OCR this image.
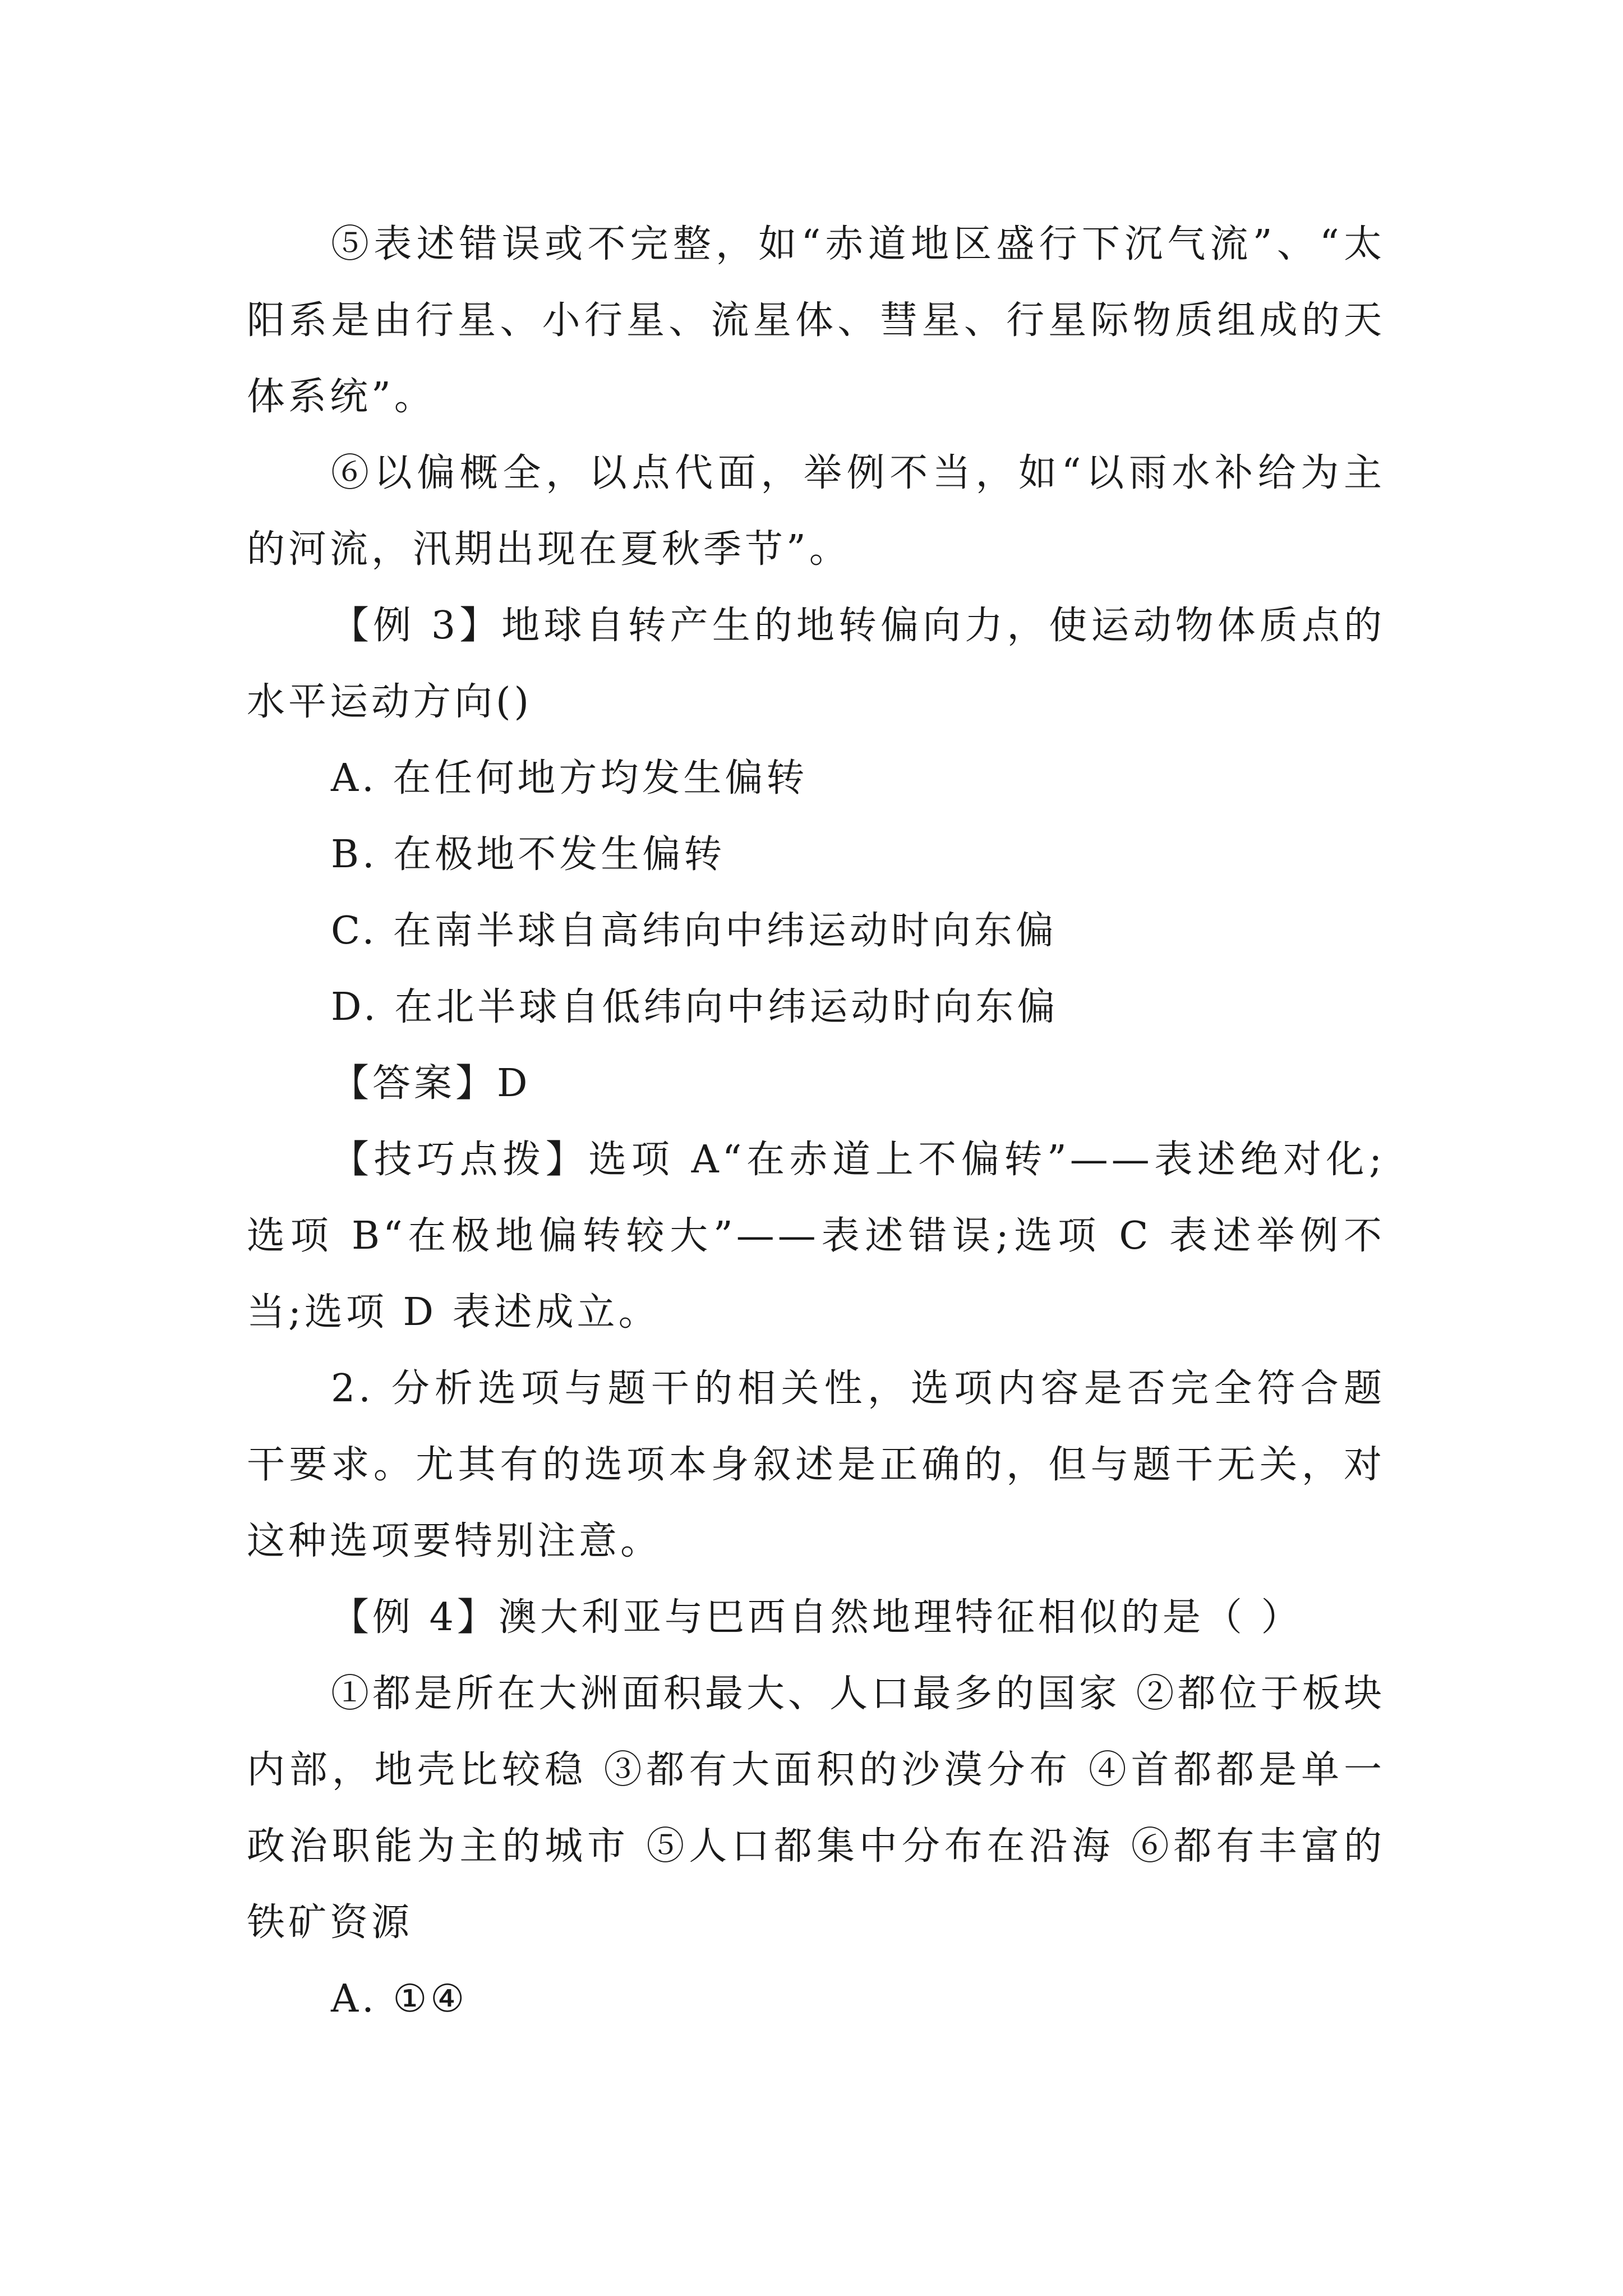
⑤表述错误或不完整，如“赤道地区盛行下沉气流”、“太阳系是由行星、小行星、流星体、彗星、行星际物质组成的天体系统”。

⑥以偏概全，以点代面，举例不当，如“以雨水补给为主的河流，汛期出现在夏秋季节”。

【例 3】地球自转产生的地转偏向力，使运动物体质点的水平运动方向()

A. 在任何地方均发生偏转

B. 在极地不发生偏转

C. 在南半球自高纬向中纬运动时向东偏

D. 在北半球自低纬向中纬运动时向东偏

【答案】D

【技巧点拨】选项 A“在赤道上不偏转”——表述绝对化;选项 B“在极地偏转较大”——表述错误;选项 C 表述举例不当;选项 D 表述成立。

2. 分析选项与题干的相关性，选项内容是否完全符合题干要求。尤其有的选项本身叙述是正确的，但与题干无关，对这种选项要特别注意。

【例 4】澳大利亚与巴西自然地理特征相似的是（ ）

①都是所在大洲面积最大、人口最多的国家 ②都位于板块内部，地壳比较稳 ③都有大面积的沙漠分布 ④首都都是单一政治职能为主的城市 ⑤人口都集中分布在沿海 ⑥都有丰富的铁矿资源

A. ①④
